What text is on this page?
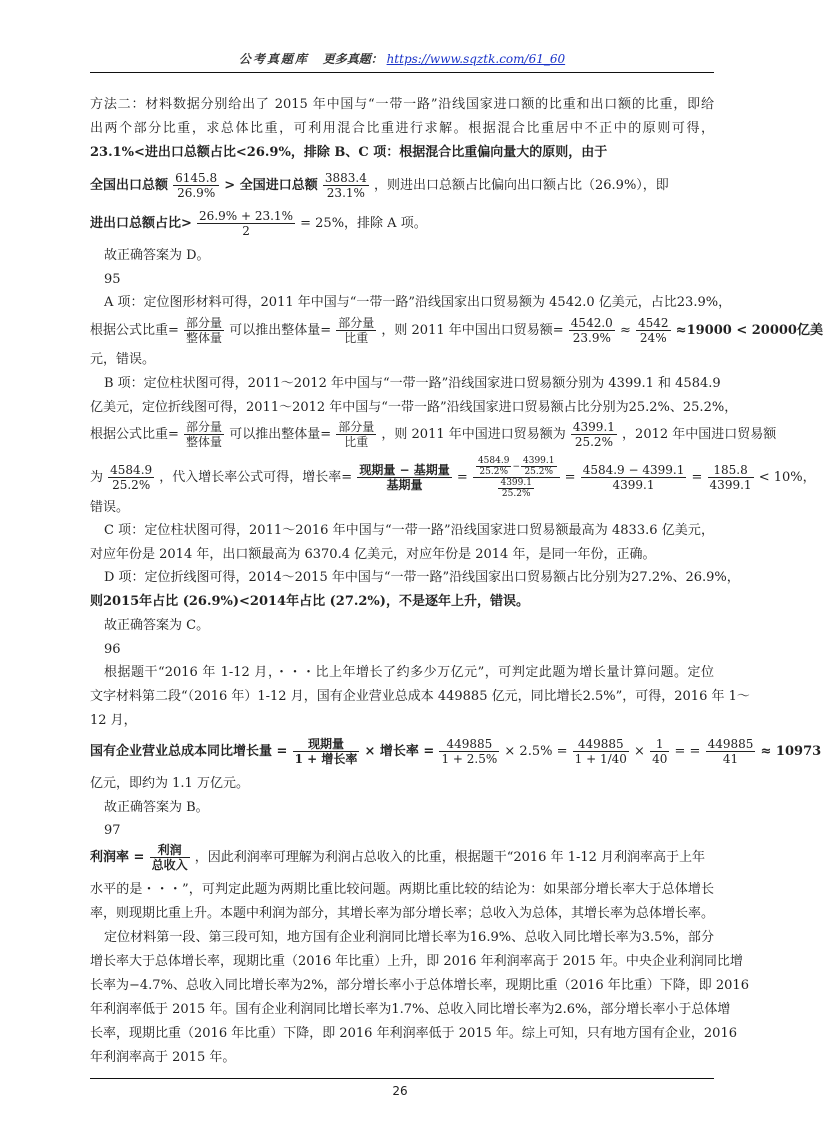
公考真题库 更多真题： https://www.sqztk.com/61_60
方法二：材料数据分别给出了 2015 年中国与“一带一路”沿线国家进口额的比重和出口额的比重，即给
出两个部分比重，求总体比重，可利用混合比重进行求解。根据混合比重居中不正中的原则可得，
23.1%<进出口总额占比<26.9%，排除 B、C 项：根据混合比重偏向量大的原则，由于
全国出口总额 $\frac{6145.8}{26.9\%}$ > 全国进口总额 $\frac{3883.4}{23.1\%}$ ，则进出口总额占比偏向出口额占比（26.9%），即
进出口总额占比> $\frac{26.9\% + 23.1\%}{2} = 25\%$，排除 A 项。
故正确答案为 D。
95
A 项：定位图形材料可得，2011 年中国与“一带一路”沿线国家出口贸易额为 4542.0 亿美元，占比23.9%，
根据公式比重= 部分量
整体量 可以推出整体量= 部分量
比重	，则 2011 年中国出口贸易额= $\frac{4542.0}{23.9\%} \approx \frac{4542}{24\%} \approx 19000 < 20000$亿美
元，错误。
B 项：定位柱状图可得，2011～2012 年中国与“一带一路”沿线国家进口贸易额分别为 4399.1 和 4584.9
亿美元，定位折线图可得，2011～2012 年中国与“一带一路”沿线国家进口贸易额占比分别为25.2%、25.2%，
根据公式比重= 部分量
整体量 可以推出整体量= 部分量
比重	，则 2011 年中国进口贸易额为 $\frac{4399.1}{25.2\%}$ ，2012 年中国进口贸易额
为 $\frac{4584.9}{25.2\%}$ ，代入增长率公式可得，增长率= 现期量 − 基期量
基期量	= $\frac{\frac{4584.9}{25.2\%} - \frac{4399.1}{25.2\%}}{\frac{4399.1}{25.2\%}} = \frac{4584.9 - 4399.1}{4399.1} = \frac{185.8}{4399.1} < 10\%$，
错误。
C 项：定位柱状图可得，2011～2016 年中国与“一带一路”沿线国家进口贸易额最高为 4833.6 亿美元，
对应年份是 2014 年，出口额最高为 6370.4 亿美元，对应年份是 2014 年，是同一年份，正确。
D 项：定位折线图可得，2014～2015 年中国与“一带一路”沿线国家出口贸易额占比分别为27.2%、26.9%，
则2015年占比 (26.9%)<2014年占比 (27.2%)，不是逐年上升，错误。
故正确答案为 C。
96
根据题干“2016 年 1-12 月，・・・比上年增长了约多少万亿元”，可判定此题为增长量计算问题。定位
文字材料第二段“（2016 年）1-12 月，国有企业营业总成本 449885 亿元，同比增长2.5%”，可得，2016 年 1～
12 月，
国有企业营业总成本同比增长量 =	现期量
1 + 增长率 × 增长率 = $\frac{449885}{1 + 2.5\%} \times 2.5\% = \frac{449885}{1 + 1/40} \times \frac{1}{40}$ = = $\frac{449885}{41} \approx 10973$
亿元，即约为 1.1 万亿元。
故正确答案为 B。
97
利润率 =	利润
总收入 ，因此利润率可理解为利润占总收入的比重，根据题干“2016 年 1-12 月利润率高于上年
水平的是・・・”，可判定此题为两期比重比较问题。两期比重比较的结论为：如果部分增长率大于总体增长
率，则现期比重上升。本题中利润为部分，其增长率为部分增长率；总收入为总体，其增长率为总体增长率。
定位材料第一段、第三段可知，地方国有企业利润同比增长率为16.9%、总收入同比增长率为3.5%，部分
增长率大于总体增长率，现期比重（2016 年比重）上升，即 2016 年利润率高于 2015 年。中央企业利润同比增
长率为−4.7%、总收入同比增长率为2%，部分增长率小于总体增长率，现期比重（2016 年比重）下降，即 2016
年利润率低于 2015 年。国有企业利润同比增长率为1.7%、总收入同比增长率为2.6%，部分增长率小于总体增
长率，现期比重（2016 年比重）下降，即 2016 年利润率低于 2015 年。综上可知，只有地方国有企业，2016
年利润率高于 2015 年。
26
